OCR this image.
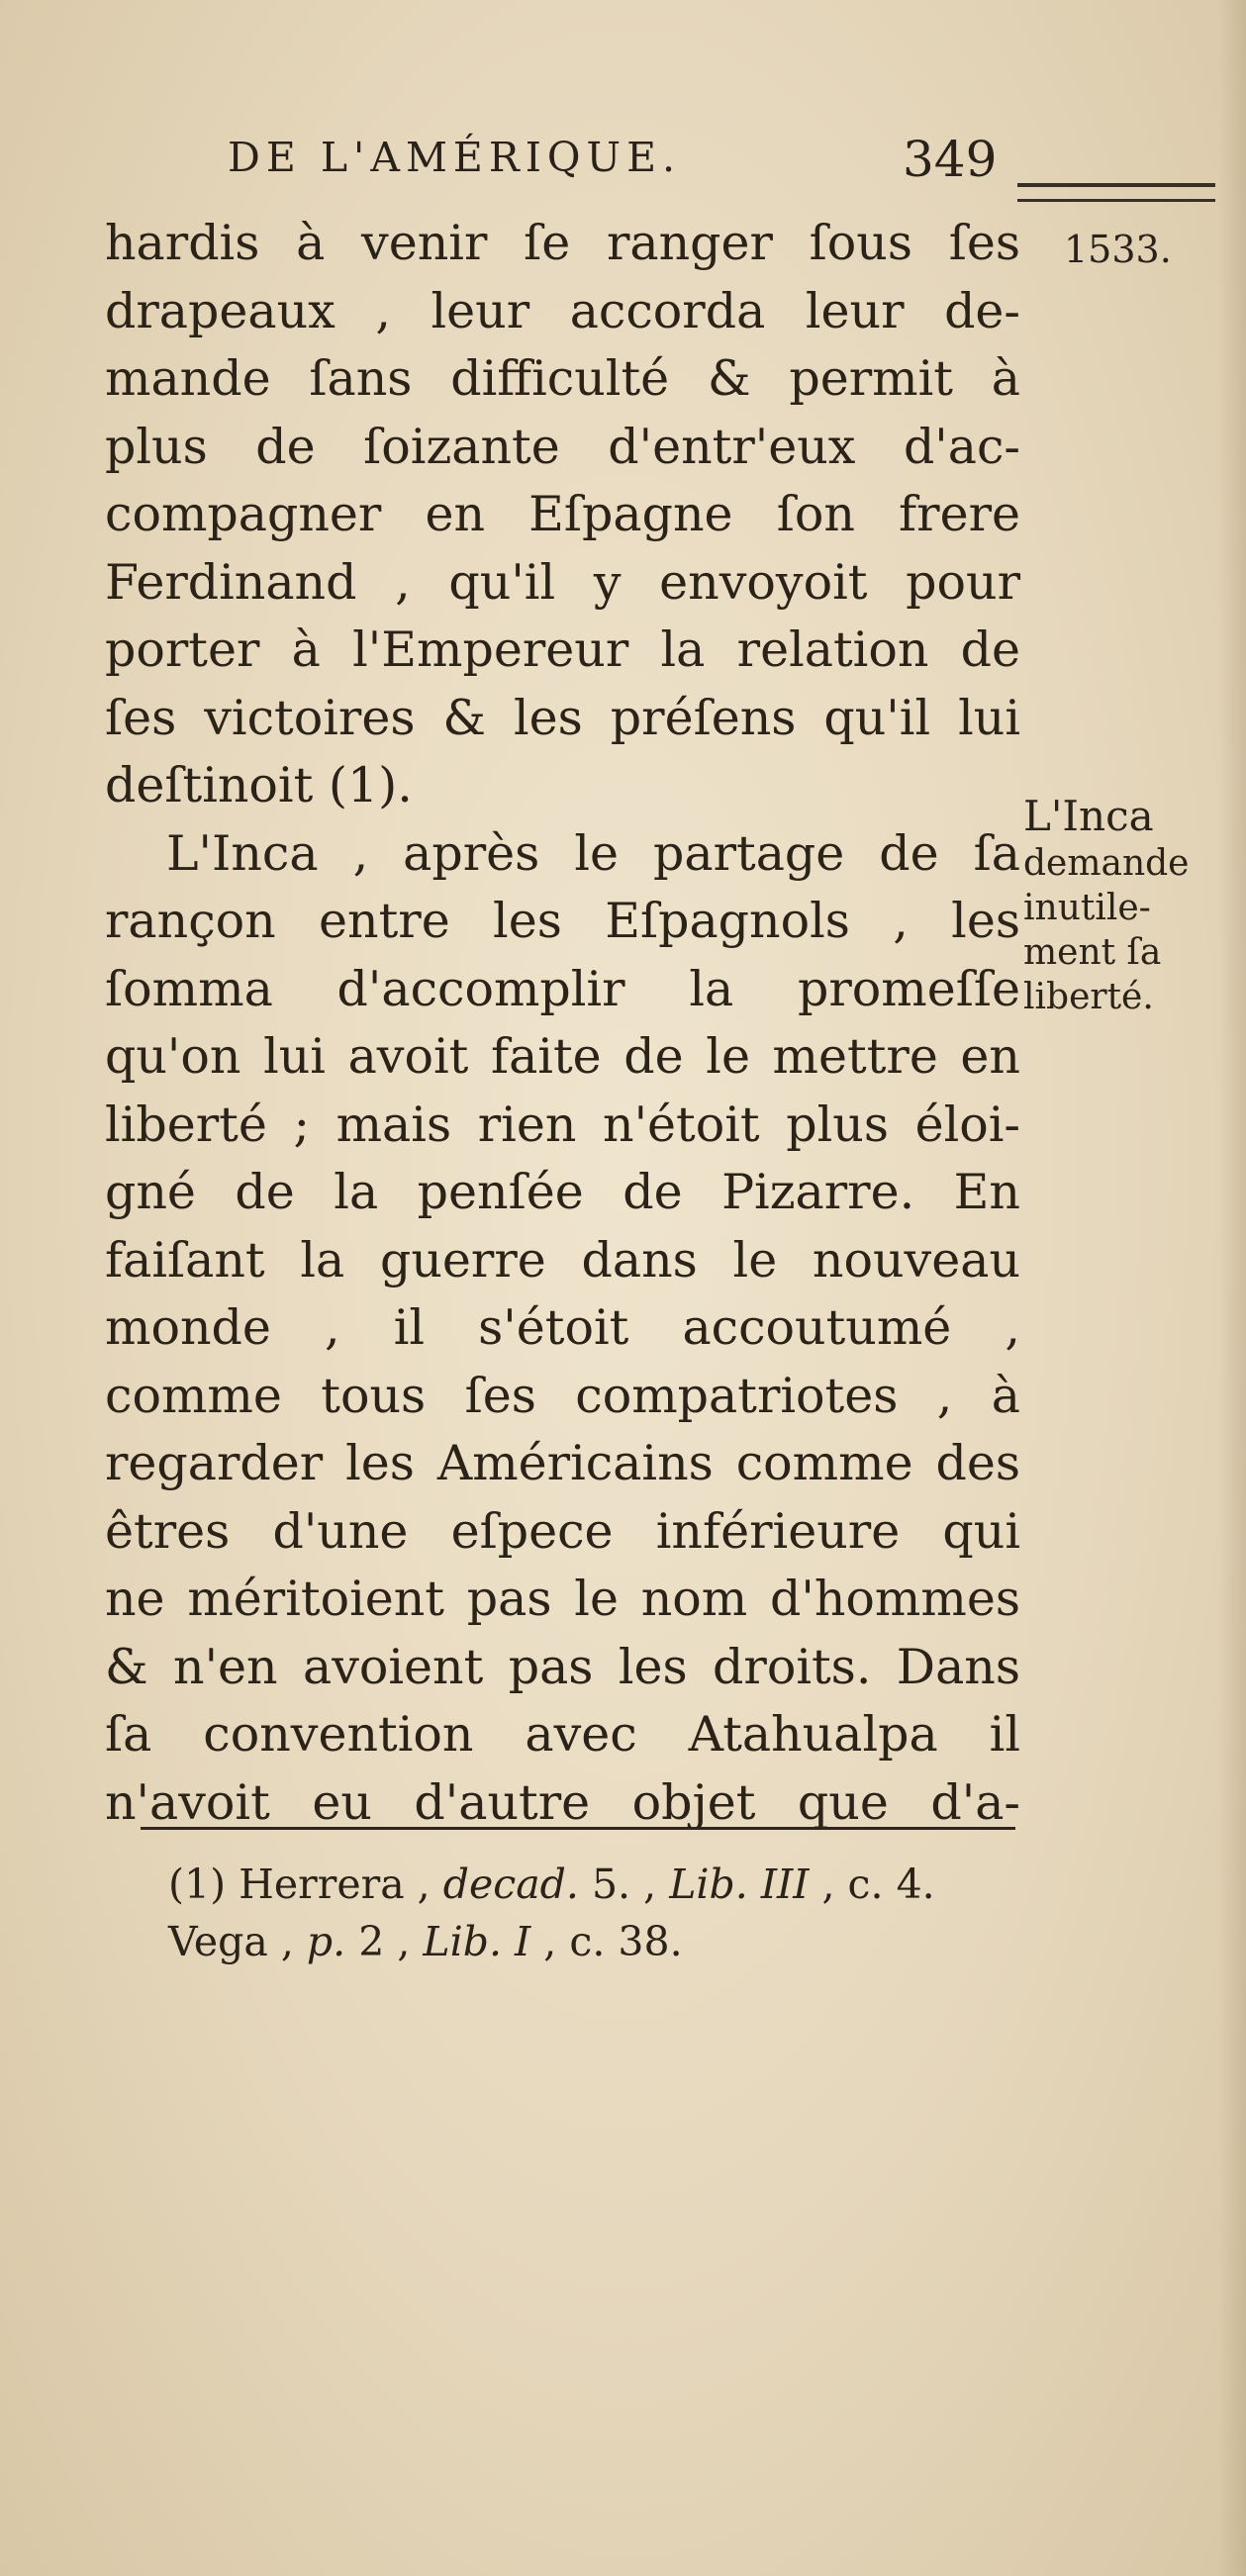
DE L'AMÉRIQUE.	349
1533.
hardis à venir ſe ranger ſous ſes
drapeaux , leur accorda leur de-
mande ſans difficulté & permit à
plus de ſoizante d'entr'eux d'ac-
compagner en Eſpagne ſon frere
Ferdinand , qu'il y envoyoit pour
porter à l'Empereur la relation de
ſes victoires & les préſens qu'il lui
deſtinoit (1).
L'Inca , après le partage de ſa
rançon entre les Eſpagnols , les
ſomma d'accomplir la promeſſe
qu'on lui avoit faite de le mettre en
liberté ; mais rien n'étoit plus éloi-
gné de la penſée de Pizarre. En
faiſant la guerre dans le nouveau
monde , il s'étoit accoutumé ,
comme tous ſes compatriotes , à
regarder les Américains comme des
êtres d'une eſpece inférieure qui
ne méritoient pas le nom d'hommes
& n'en avoient pas les droits. Dans
ſa convention avec Atahualpa il
n'avoit eu d'autre objet que d'a-
L'Inca
demande
inutile-
ment ſa
liberté.
(1) Herrera , decad. 5. , Lib. III , c. 4.
Vega , p. 2 , Lib. I , c. 38.
